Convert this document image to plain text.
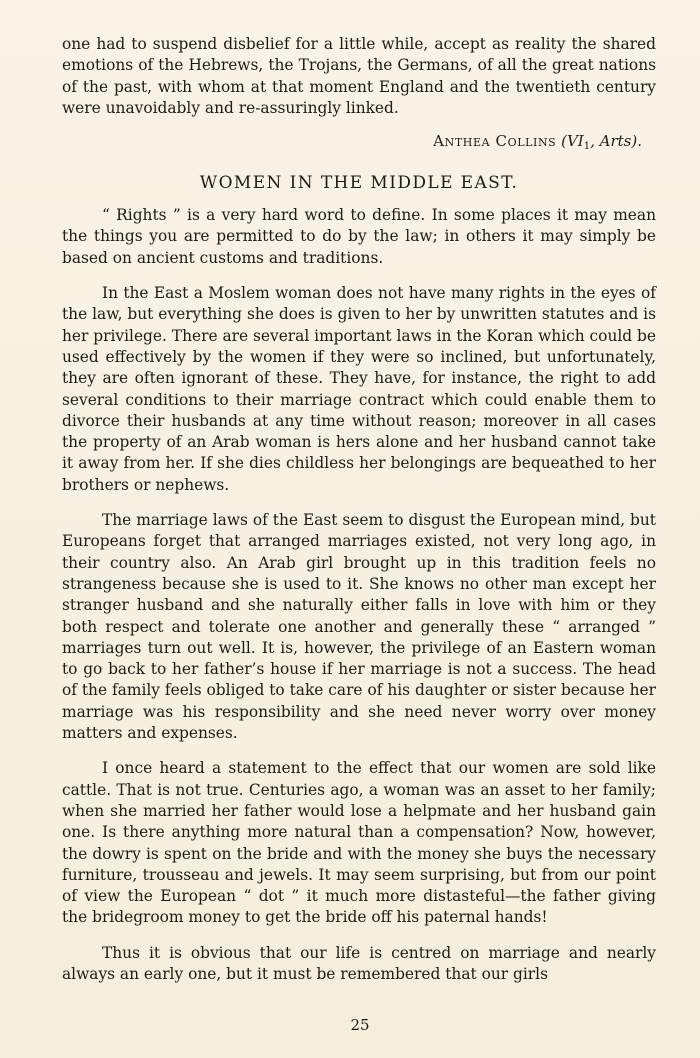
one had to suspend disbelief for a little while, accept as reality the shared emotions of the Hebrews, the Trojans, the Germans, of all the great nations of the past, with whom at that moment England and the twentieth century were unavoidably and re-assuringly linked.

Anthea Collins ($VI_1$, Arts).
WOMEN IN THE MIDDLE EAST.

“ Rights ” is a very hard word to define. In some places it may mean the things you are permitted to do by the law; in others it may simply be based on ancient customs and traditions.

In the East a Moslem woman does not have many rights in the eyes of the law, but everything she does is given to her by unwritten statutes and is her privilege. There are several important laws in the Koran which could be used effectively by the women if they were so inclined, but unfortunately, they are often ignorant of these. They have, for instance, the right to add several conditions to their marriage contract which could enable them to divorce their husbands at any time without reason; moreover in all cases the property of an Arab woman is hers alone and her husband cannot take it away from her. If she dies childless her belongings are bequeathed to her brothers or nephews.

The marriage laws of the East seem to disgust the European mind, but Europeans forget that arranged marriages existed, not very long ago, in their country also. An Arab girl brought up in this tradition feels no strangeness because she is used to it. She knows no other man except her stranger husband and she naturally either falls in love with him or they both respect and tolerate one another and generally these “ arranged ” marriages turn out well. It is, however, the privilege of an Eastern woman to go back to her father’s house if her marriage is not a success. The head of the family feels obliged to take care of his daughter or sister because her marriage was his responsibility and she need never worry over money matters and expenses.

I once heard a statement to the effect that our women are sold like cattle. That is not true. Centuries ago, a woman was an asset to her family; when she married her father would lose a helpmate and her husband gain one. Is there anything more natural than a compensation? Now, however, the dowry is spent on the bride and with the money she buys the necessary furniture, trousseau and jewels. It may seem surprising, but from our point of view the European “ dot ” it much more distasteful—the father giving the bridegroom money to get the bride off his paternal hands!

Thus it is obvious that our life is centred on marriage and nearly always an early one, but it must be remembered that our girls

25
